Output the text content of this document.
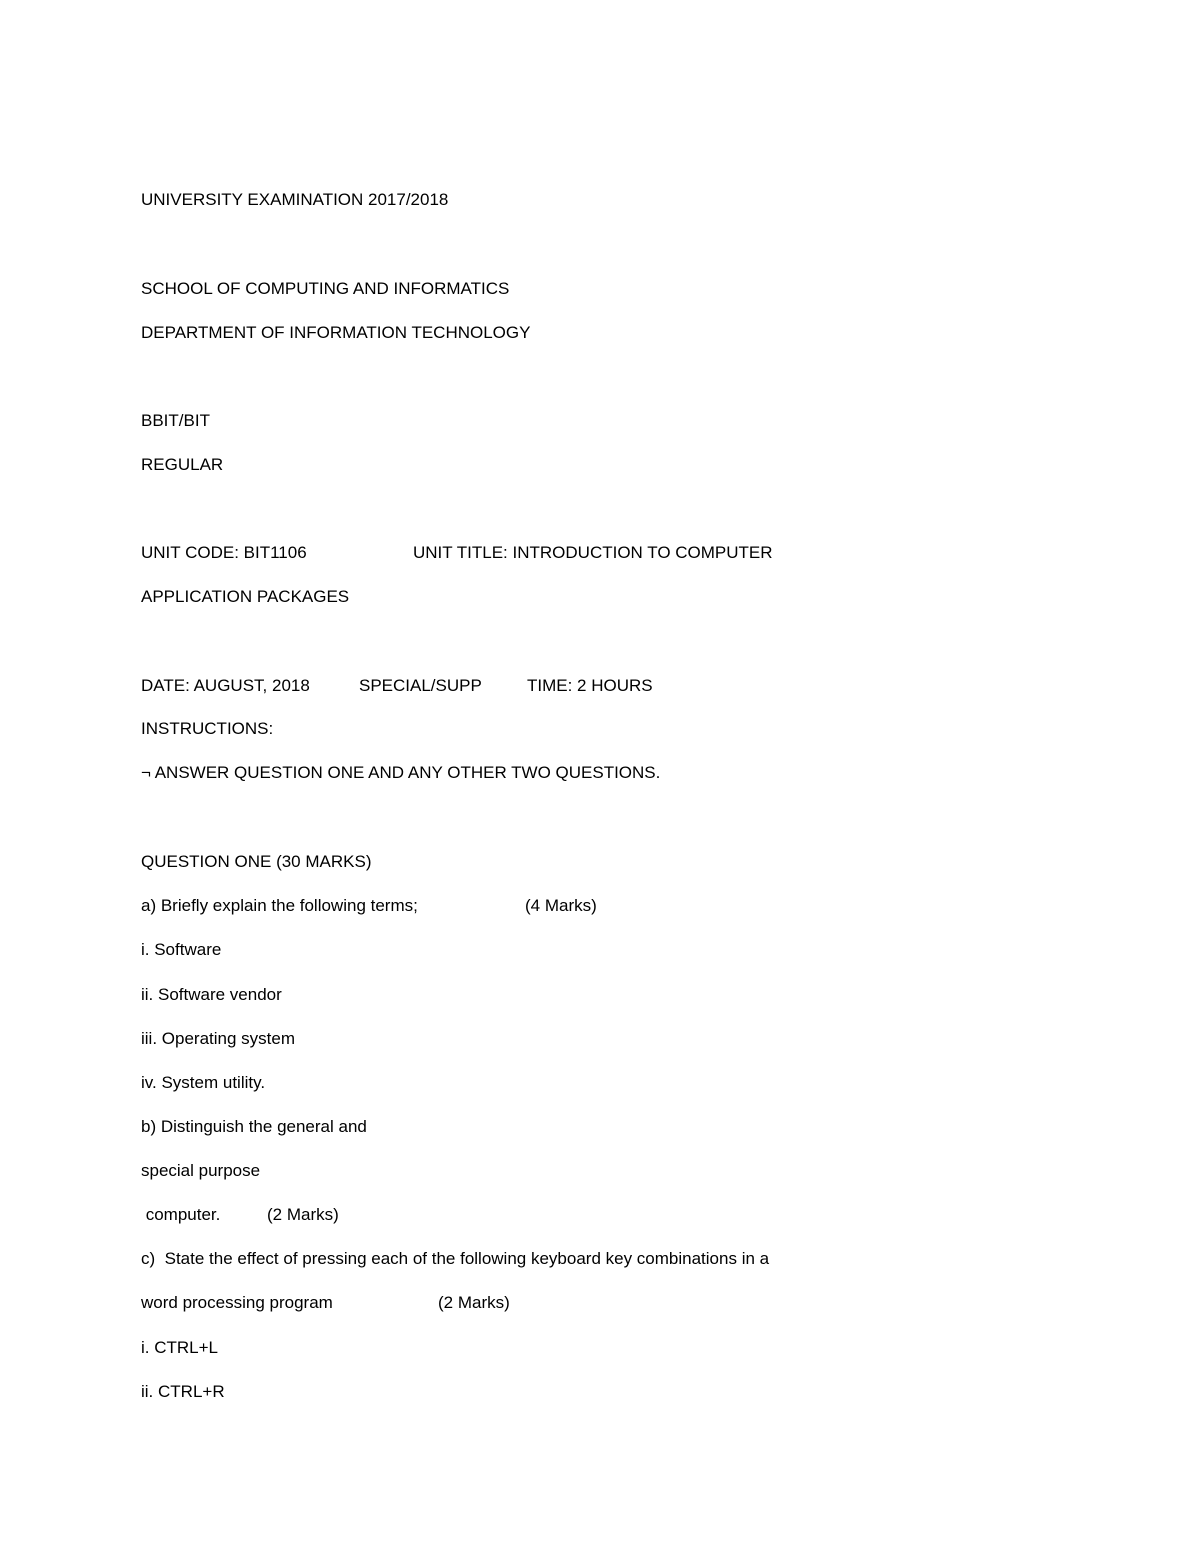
UNIVERSITY EXAMINATION 2017/2018
SCHOOL OF COMPUTING AND INFORMATICS
DEPARTMENT OF INFORMATION TECHNOLOGY
BBIT/BIT
REGULAR

UNIT CODE: BIT1106

	UNIT TITLE: INTRODUCTION TO COMPUTER

APPLICATION PACKAGES

DATE: AUGUST, 2018

	SPECIAL/SUPP

	TIME: 2 HOURS

INSTRUCTIONS:
¬ ANSWER QUESTION ONE AND ANY OTHER TWO QUESTIONS.
QUESTION ONE (30 MARKS)

a) Briefly explain the following terms;

	(4 Marks)

i. Software
ii. Software vendor
iii. Operating system
iv. System utility.
b) Distinguish the general and
special purpose

computer.

	(2 Marks)

c)  State the effect of pressing each of the following keyboard key combinations in a

word processing program

	(2 Marks)

i. CTRL+L
ii. CTRL+R
